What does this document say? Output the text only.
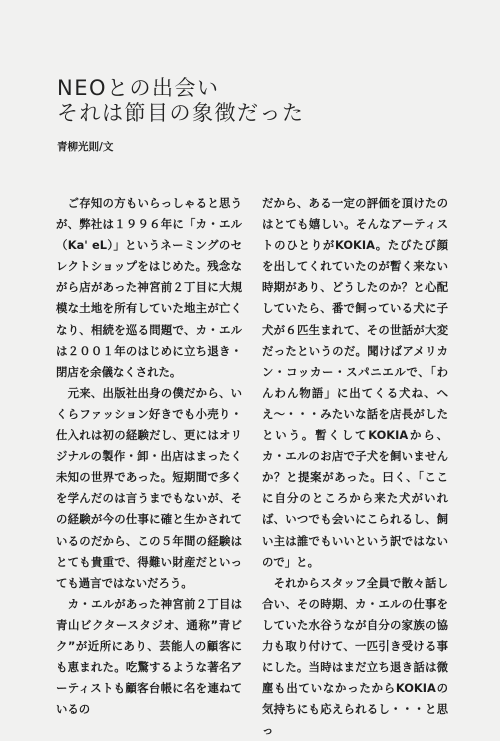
NEOとの出会い
それは節目の象徴だった
青柳光則/文

　ご存知の方もいらっしゃると思うが、弊社は１９９６年に「カ・エル（Ka' eL）」というネーミングのセレクトショップをはじめた。残念ながら店があった神宮前２丁目に大規模な土地を所有していた地主が亡くなり、相続を巡る問題で、カ・エルは２００１年のはじめに立ち退き・閉店を余儀なくされた。

　元来、出版社出身の僕だから、いくらファッション好きでも小売り・仕入れは初の経験だし、更にはオリジナルの製作・卸・出店はまったく未知の世界であった。短期間で多くを学んだのは言うまでもないが、その経験が今の仕事に確と生かされているのだから、この５年間の経験はとても貴重で、得難い財産だといっても過言ではないだろう。

　カ・エルがあった神宮前２丁目は青山ビクタースタジオ、通称”青ビク”が近所にあり、芸能人の顧客にも恵まれた。吃驚するような著名アーティストも顧客台帳に名を連ねているの

だから、ある一定の評価を頂けたのはとても嬉しい。そんなアーティストのひとりがKOKIA。たびたび顔を出してくれていたのが暫く来ない時期があり、どうしたのか？と心配していたら、番で飼っている犬に子犬が６匹生まれて、その世話が大変だったというのだ。聞けばアメリカン・コッカー・スパニエルで、「わんわん物語」に出てくる犬ね、へえ〜・・・みたいな話を店長がしたという。暫くしてKOKIAから、カ・エルのお店で子犬を飼いませんか？と提案があった。曰く、「ここに自分のところから来た犬がいれば、いつでも会いにこられるし、飼い主は誰でもいいという訳ではないので」と。

　それからスタッフ全員で散々話し合い、その時期、カ・エルの仕事をしていた水谷うなが自分の家族の協力も取り付けて、一匹引き受ける事にした。当時はまだ立ち退き話は微塵も出ていなかったからKOKIAの気持ちにも応えられるし・・・と思っ
